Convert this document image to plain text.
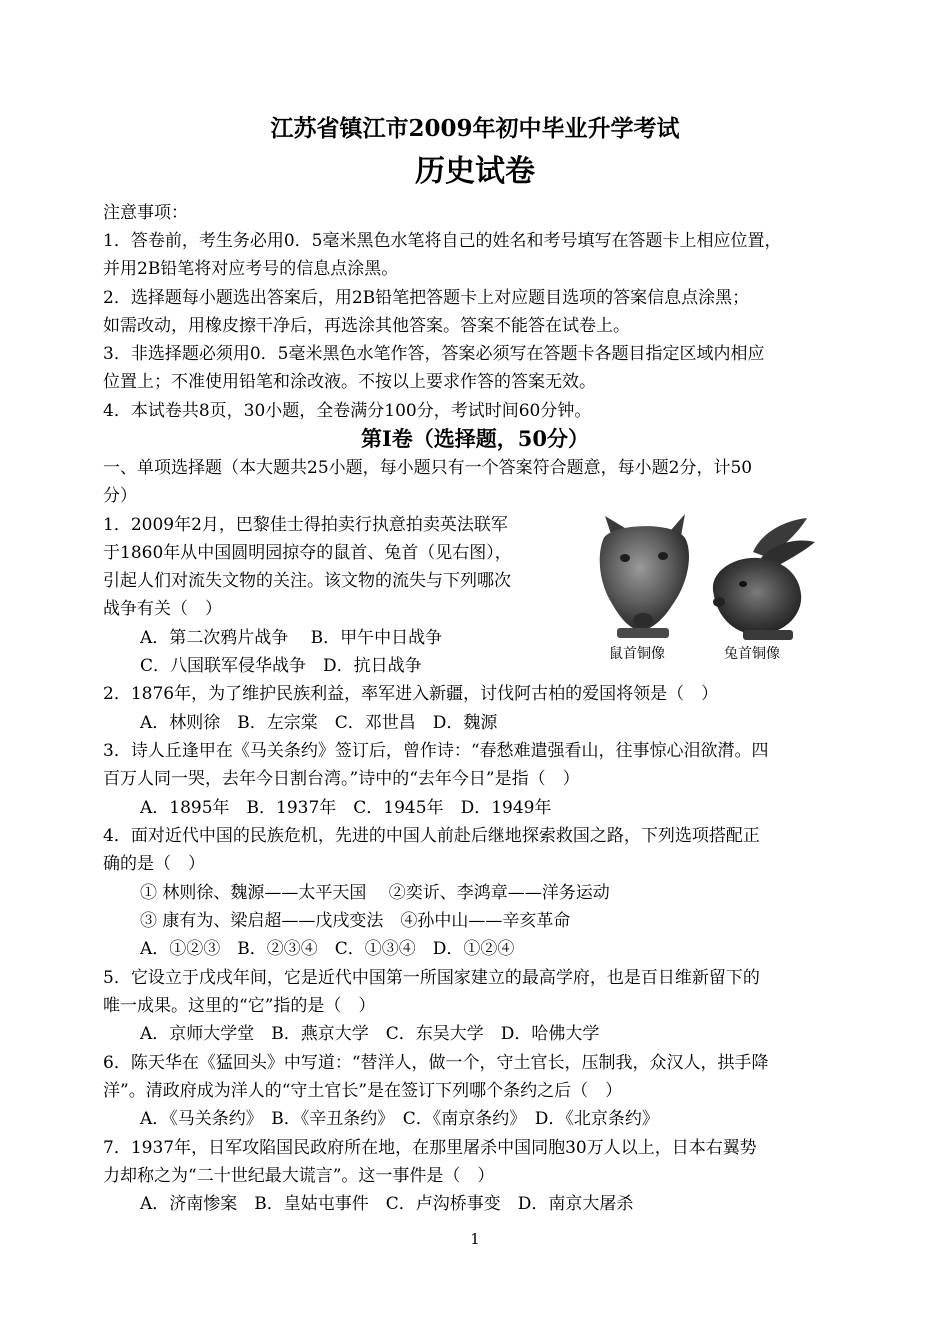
江苏省镇江市2009年初中毕业升学考试
历史试卷
注意事项：
1．答卷前，考生务必用0．5毫米黑色水笔将自己的姓名和考号填写在答题卡上相应位置，
并用2B铅笔将对应考号的信息点涂黑。
2．选择题每小题选出答案后，用2B铅笔把答题卡上对应题目选项的答案信息点涂黑；
如需改动，用橡皮擦干净后，再选涂其他答案。答案不能答在试卷上。
3．非选择题必须用0．5毫米黑色水笔作答，答案必须写在答题卡各题目指定区域内相应
位置上；不准使用铅笔和涂改液。不按以上要求作答的答案无效。
4．本试卷共8页，30小题，全卷满分100分，考试时间60分钟。
第Ⅰ卷（选择题，50分）
一、单项选择题（本大题共25小题，每小题只有一个答案符合题意，每小题2分，计50
分）
1．2009年2月，巴黎佳士得拍卖行执意拍卖英法联军
于1860年从中国圆明园掠夺的鼠首、兔首（见右图），
引起人们对流失文物的关注。该文物的流失与下列哪次
战争有关（　）
A．第二次鸦片战争　 B．甲午中日战争
C．八国联军侵华战争　D．抗日战争
鼠首铜像	兔首铜像
2．1876年，为了维护民族利益，率军进入新疆，讨伐阿古柏的爱国将领是（　）
A．林则徐　B．左宗棠　C．邓世昌　D．魏源
3．诗人丘逢甲在《马关条约》签订后，曾作诗：“春愁难遣强看山，往事惊心泪欲潸。四
百万人同一哭，去年今日割台湾。”诗中的“去年今日”是指（　）
A．1895年　B．1937年　C．1945年　D．1949年
4．面对近代中国的民族危机，先进的中国人前赴后继地探索救国之路，下列选项搭配正
确的是（　）
① 林则徐、魏源——太平天国　 ②奕䜣、李鸿章——洋务运动
③ 康有为、梁启超——戊戌变法　④孙中山——辛亥革命
A．①②③　B．②③④　C．①③④　D．①②④
5．它设立于戊戌年间，它是近代中国第一所国家建立的最高学府，也是百日维新留下的
唯一成果。这里的“它”指的是（　）
A．京师大学堂　B．燕京大学　C．东吴大学　D．哈佛大学
6．陈天华在《猛回头》中写道：“替洋人，做一个，守土官长，压制我，众汉人，拱手降
洋”。清政府成为洋人的“守土官长”是在签订下列哪个条约之后（　）
A．《马关条约》　B．《辛丑条约》　C．《南京条约》　D．《北京条约》
7．1937年，日军攻陷国民政府所在地，在那里屠杀中国同胞30万人以上，日本右翼势
力却称之为“二十世纪最大谎言”。这一事件是（　）
A．济南惨案　B．皇姑屯事件　C．卢沟桥事变　D．南京大屠杀
1
